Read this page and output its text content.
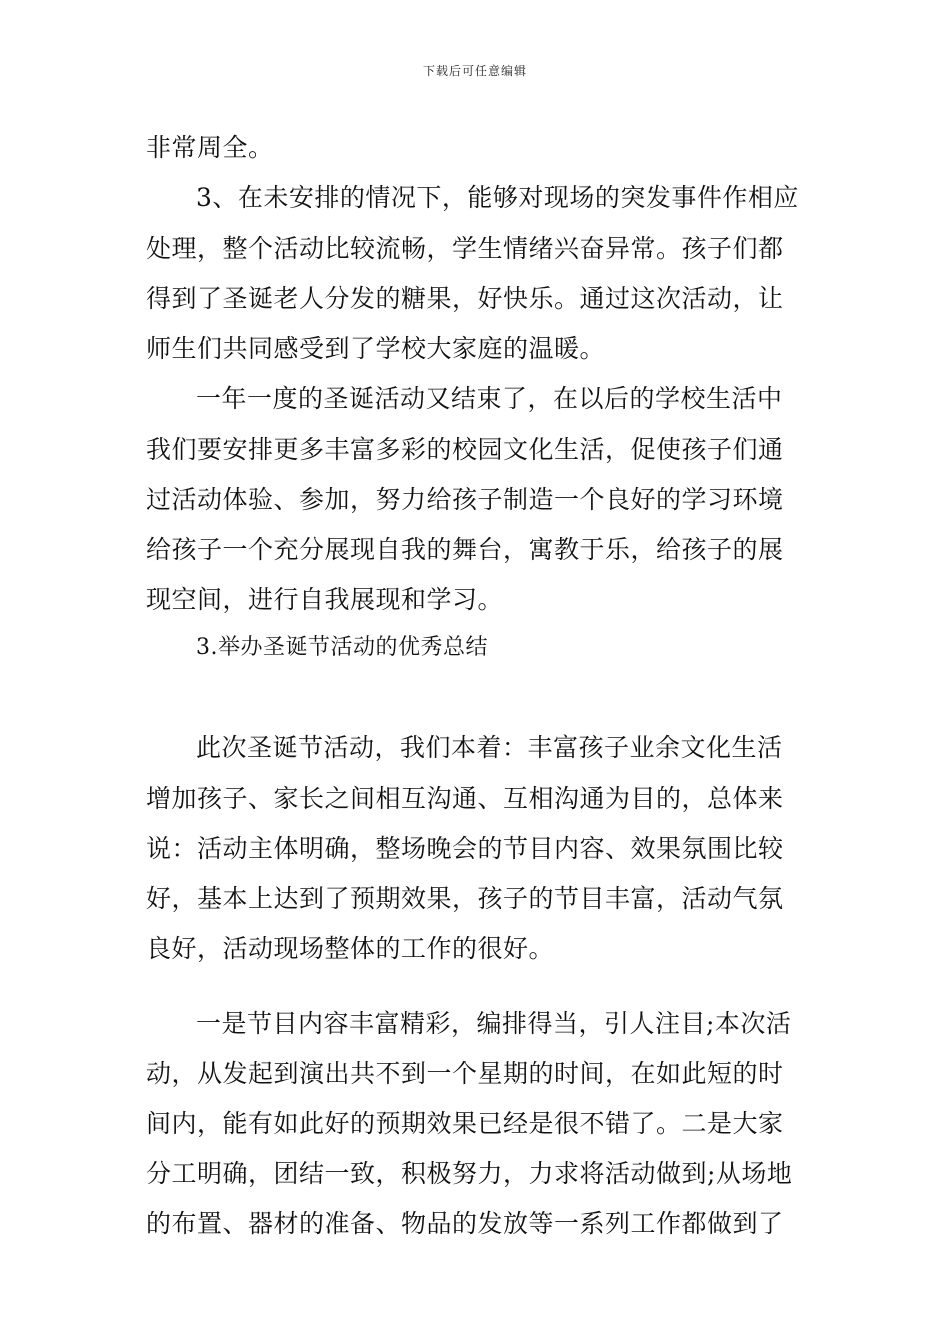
下载后可任意编辑
非常周全。
3、在未安排的情况下，能够对现场的突发事件作相应
处理，整个活动比较流畅，学生情绪兴奋异常。孩子们都
得到了圣诞老人分发的糖果，好快乐。通过这次活动，让
师生们共同感受到了学校大家庭的温暖。
一年一度的圣诞活动又结束了，在以后的学校生活中
我们要安排更多丰富多彩的校园文化生活，促使孩子们通
过活动体验、参加，努力给孩子制造一个良好的学习环境
给孩子一个充分展现自我的舞台，寓教于乐，给孩子的展
现空间，进行自我展现和学习。
3.举办圣诞节活动的优秀总结
此次圣诞节活动，我们本着：丰富孩子业余文化生活
增加孩子、家长之间相互沟通、互相沟通为目的，总体来
说：活动主体明确，整场晚会的节目内容、效果氛围比较
好，基本上达到了预期效果，孩子的节目丰富，活动气氛
良好，活动现场整体的工作的很好。
一是节目内容丰富精彩，编排得当，引人注目;本次活
动，从发起到演出共不到一个星期的时间，在如此短的时
间内，能有如此好的预期效果已经是很不错了。二是大家
分工明确，团结一致，积极努力，力求将活动做到;从场地
的布置、器材的准备、物品的发放等一系列工作都做到了
